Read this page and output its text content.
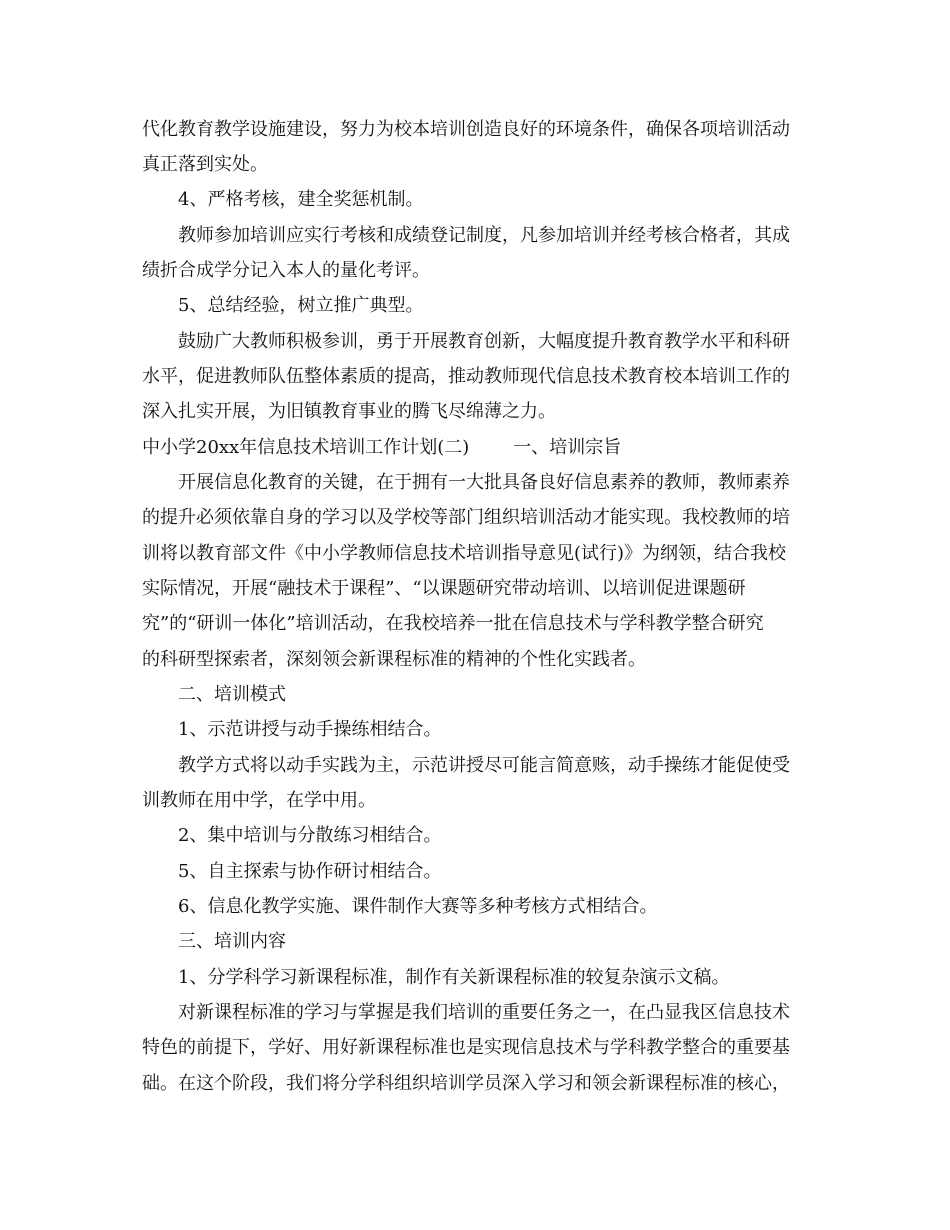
代化教育教学设施建设，努力为校本培训创造良好的环境条件，确保各项培训活动
真正落到实处。
4、严格考核，建全奖惩机制。
教师参加培训应实行考核和成绩登记制度，凡参加培训并经考核合格者，其成
绩折合成学分记入本人的量化考评。
5、总结经验，树立推广典型。
鼓励广大教师积极参训，勇于开展教育创新，大幅度提升教育教学水平和科研
水平，促进教师队伍整体素质的提高，推动教师现代信息技术教育校本培训工作的
深入扎实开展，为旧镇教育事业的腾飞尽绵薄之力。
中小学20xx年信息技术培训工作计划(二) 一、培训宗旨
开展信息化教育的关键，在于拥有一大批具备良好信息素养的教师，教师素养
的提升必须依靠自身的学习以及学校等部门组织培训活动才能实现。我校教师的培
训将以教育部文件《中小学教师信息技术培训指导意见(试行)》为纲领，结合我校
实际情况，开展“融技术于课程”、“以课题研究带动培训、以培训促进课题研
究”的“研训一体化”培训活动，在我校培养一批在信息技术与学科教学整合研究
的科研型探索者，深刻领会新课程标准的精神的个性化实践者。
二、培训模式
1、示范讲授与动手操练相结合。
教学方式将以动手实践为主，示范讲授尽可能言简意赅，动手操练才能促使受
训教师在用中学，在学中用。
2、集中培训与分散练习相结合。
5、自主探索与协作研讨相结合。
6、信息化教学实施、课件制作大赛等多种考核方式相结合。
三、培训内容
1、分学科学习新课程标准，制作有关新课程标准的较复杂演示文稿。
对新课程标准的学习与掌握是我们培训的重要任务之一，在凸显我区信息技术
特色的前提下，学好、用好新课程标准也是实现信息技术与学科教学整合的重要基
础。在这个阶段，我们将分学科组织培训学员深入学习和领会新课程标准的核心，
